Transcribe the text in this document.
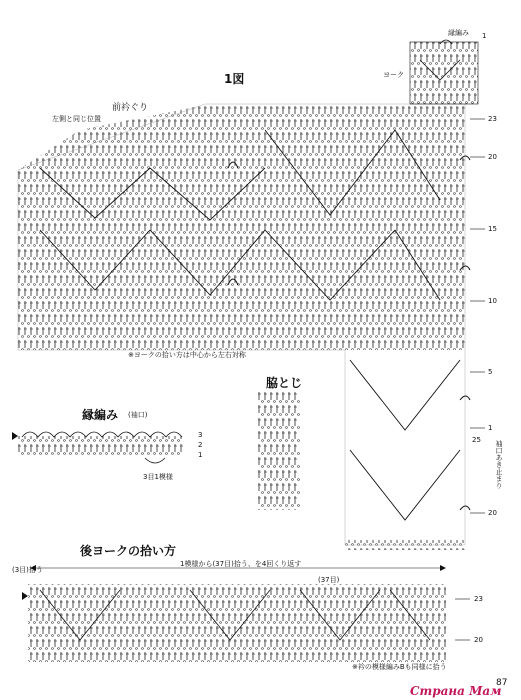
1図
前衿ぐり
左側と同じ位置
ヨーク
縁編み 1
※ヨークの拾い方は中心から左右対称
23
20
15
10
5
1
25
20
袖口あき止まり
脇とじ
縁編み (袖口)
3
2
1
3目1模様
後ヨークの拾い方
(3目)拾う
1模様から(37目)拾う、を4回くり返す
(37目)
23
20
※衿の模様編みBも同様に拾う
87
Страна Мам
